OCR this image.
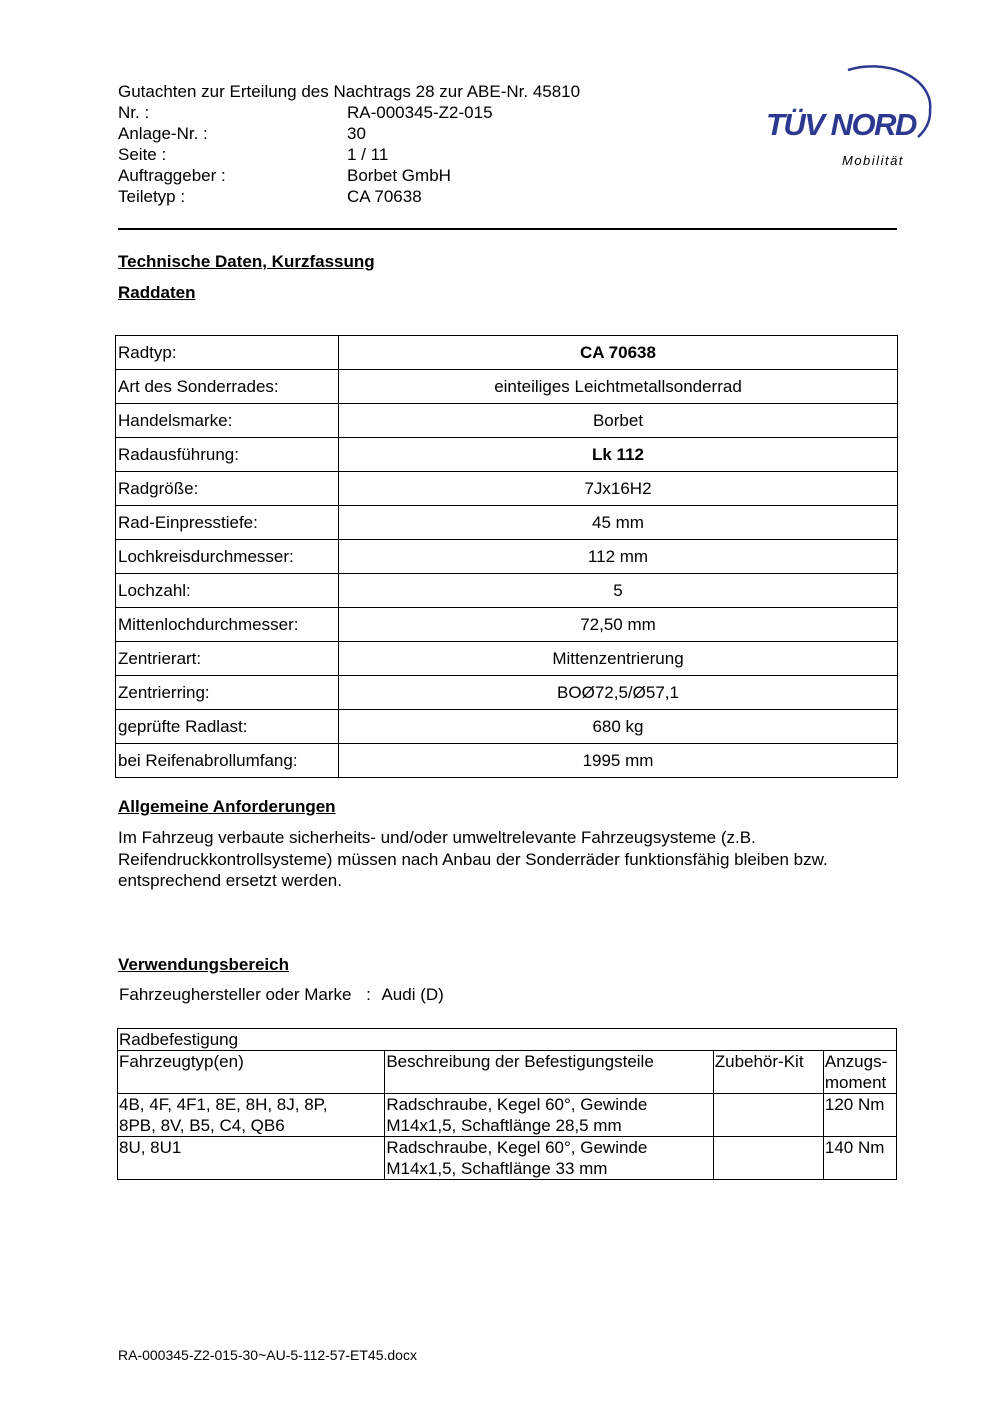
Gutachten zur Erteilung des Nachtrags 28 zur ABE-Nr. 45810
Nr. :	RA-000345-Z2-015
Anlage-Nr. :	30
Seite :	1 / 11
Auftraggeber :	Borbet GmbH
Teiletyp :	CA 70638
TÜV NORD
Mobilität
Technische Daten, Kurzfassung
Raddaten
Radtyp:	CA 70638
Art des Sonderrades:	einteiliges Leichtmetallsonderrad
Handelsmarke:	Borbet
Radausführung:	Lk 112
Radgröße:	7Jx16H2
Rad-Einpresstiefe:	45 mm
Lochkreisdurchmesser:	112 mm
Lochzahl:	5
Mittenlochdurchmesser:	72,50 mm
Zentrierart:	Mittenzentrierung
Zentrierring:	BOØ72,5/Ø57,1
geprüfte Radlast:	680 kg
bei Reifenabrollumfang:	1995 mm
Allgemeine Anforderungen
Im Fahrzeug verbaute sicherheits- und/oder umweltrelevante Fahrzeugsysteme (z.B. Reifendruckkontrollsysteme) müssen nach Anbau der Sonderräder funktionsfähig bleiben bzw. entsprechend ersetzt werden.
Verwendungsbereich
Fahrzeughersteller oder Marke : Audi (D)
Radbefestigung			
Fahrzeugtyp(en)	Beschreibung der Befestigungsteile	Zubehör-Kit	Anzugs-
moment
4B, 4F, 4F1, 8E, 8H, 8J, 8P,
8PB, 8V, B5, C4, QB6	Radschraube, Kegel 60°, Gewinde
M14x1,5, Schaftlänge 28,5 mm		120 Nm
8U, 8U1	Radschraube, Kegel 60°, Gewinde
M14x1,5, Schaftlänge 33 mm		140 Nm
RA-000345-Z2-015-30~AU-5-112-57-ET45.docx
